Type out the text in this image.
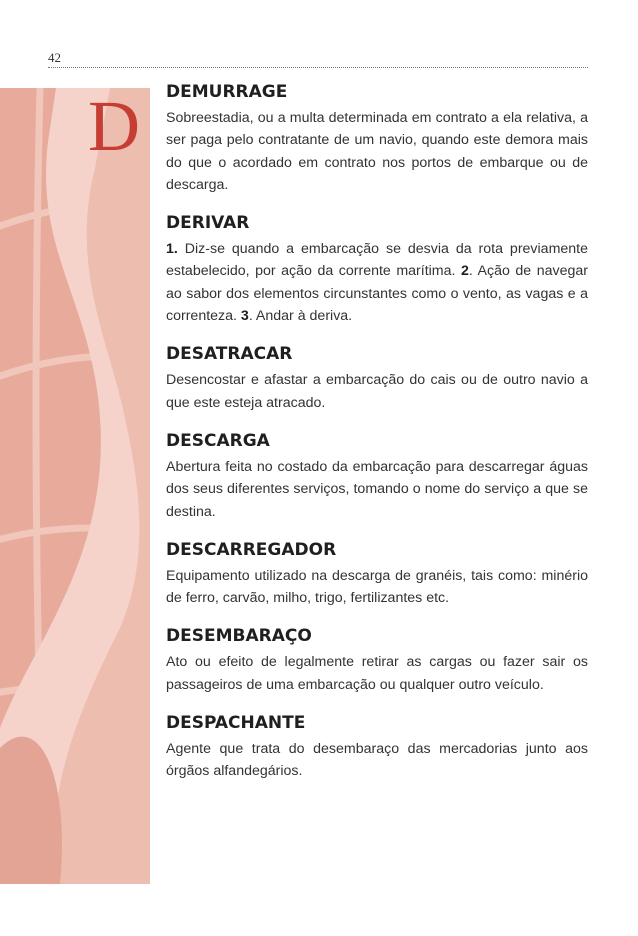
42
D DEMURRAGE

Sobreestadia, ou a multa determinada em contrato a ela relativa, a ser paga pelo contratante de um navio, quando este demora mais do que o acordado em contrato nos portos de embarque ou de descarga.

DERIVAR

1. Diz-se quando a embarcação se desvia da rota previamente estabelecido, por ação da corrente marítima. 2. Ação de navegar ao sabor dos elementos circunstantes como o vento, as vagas e a correnteza. 3. Andar à deriva.

DESATRACAR

Desencostar e afastar a embarcação do cais ou de outro navio a que este esteja atracado.

DESCARGA

Abertura feita no costado da embarcação para descarregar águas dos seus diferentes serviços, tomando o nome do serviço a que se destina.

DESCARREGADOR

Equipamento utilizado na descarga de granéis, tais como: minério de ferro, carvão, milho, trigo, fertilizantes etc.

DESEMBARAÇO

Ato ou efeito de legalmente retirar as cargas ou fazer sair os passageiros de uma embarcação ou qualquer outro veículo.

DESPACHANTE

Agente que trata do desembaraço das mercadorias junto aos órgãos alfandegários.
